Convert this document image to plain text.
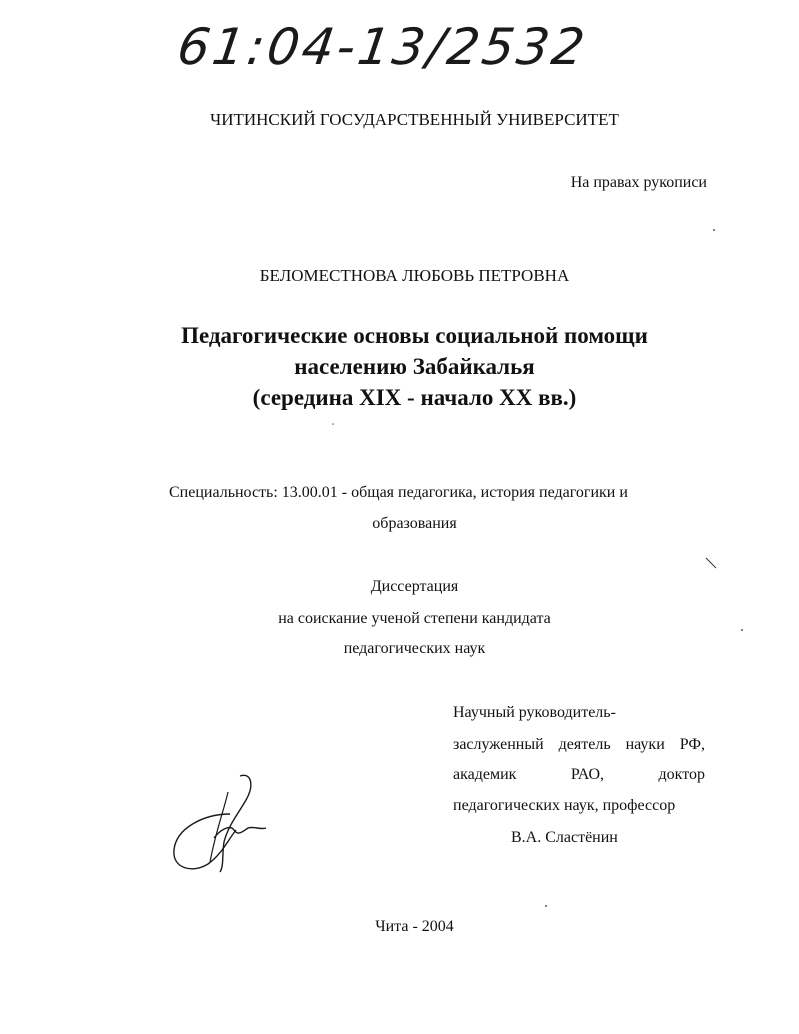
61:04-13/2532
ЧИТИНСКИЙ ГОСУДАРСТВЕННЫЙ УНИВЕРСИТЕТ
На правах рукописи
БЕЛОМЕСТНОВА ЛЮБОВЬ ПЕТРОВНА
Педагогические основы социальной помощи
населению Забайкалья
(середина XIX - начало XX вв.)
Специальность: 13.00.01 - общая педагогика, история педагогики и
образования
Диссертация
на соискание ученой степени кандидата
педагогических наук
Научный руководитель-
заслуженный деятель науки РФ,
академик	РАО,	доктор
педагогических наук, профессор
В.А. Сластёнин
Чита - 2004
